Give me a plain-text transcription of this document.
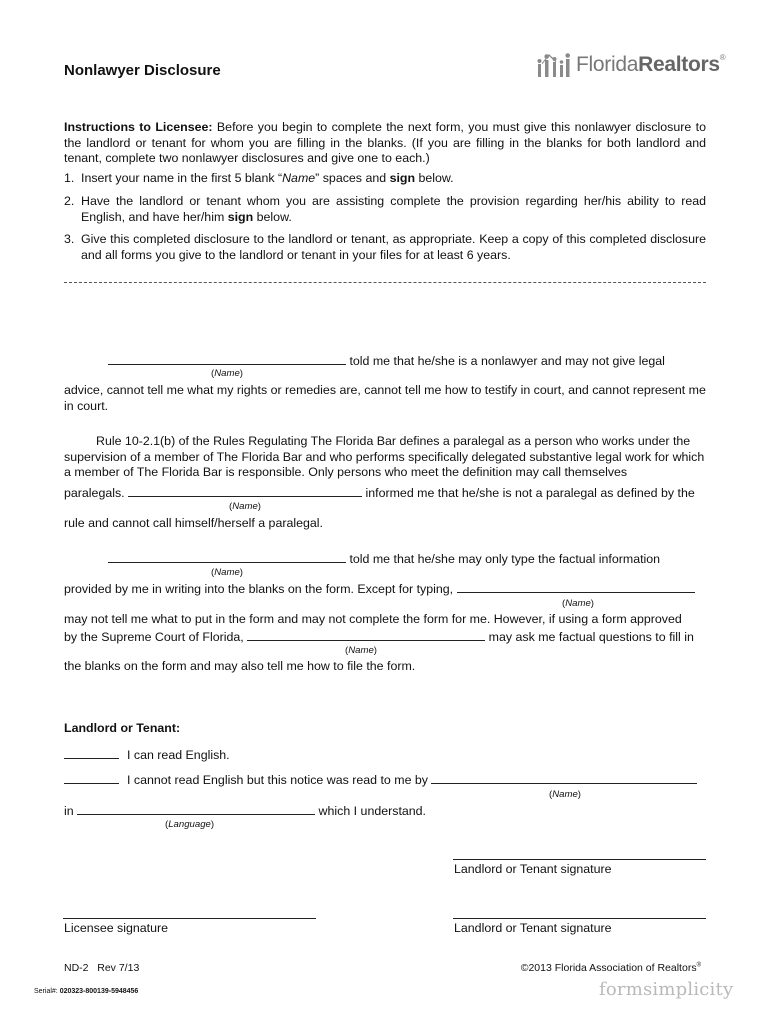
Nonlawyer Disclosure	FloridaRealtors®
Instructions to Licensee: Before you begin to complete the next form, you must give this nonlawyer disclosure to the landlord or tenant for whom you are filling in the blanks. (If you are filling in the blanks for both landlord and tenant, complete two nonlawyer disclosures and give one to each.)
1. Insert your name in the first 5 blank “Name” spaces and sign below.
2. Have the landlord or tenant whom you are assisting complete the provision regarding her/his ability to read English, and have her/him sign below.
3. Give this completed disclosure to the landlord or tenant, as appropriate. Keep a copy of this completed disclosure and all forms you give to the landlord or tenant in your files for at least 6 years.
told me that he/she is a nonlawyer and may not give legal
(Name)
advice, cannot tell me what my rights or remedies are, cannot tell me how to testify in court, and cannot represent me in court.
Rule 10-2.1(b) of the Rules Regulating The Florida Bar defines a paralegal as a person who works under the supervision of a member of The Florida Bar and who performs specifically delegated substantive legal work for which a member of The Florida Bar is responsible. Only persons who meet the definition may call themselves
paralegals.	informed me that he/she is not a paralegal as defined by the
(Name)
rule and cannot call himself/herself a paralegal.
told me that he/she may only type the factual information
(Name)
provided by me in writing into the blanks on the form. Except for typing,
(Name)
may not tell me what to put in the form and may not complete the form for me. However, if using a form approved
by the Supreme Court of Florida,	may ask me factual questions to fill in
(Name)
the blanks on the form and may also tell me how to file the form.
Landlord or Tenant:
I can read English.
I cannot read English but this notice was read to me by
(Name)
in	which I understand.
(Language)
Landlord or Tenant signature
Licensee signature	Landlord or Tenant signature
ND-2   Rev 7/13	©2013 Florida Association of Realtors®
Serial#: 020323-800139-5948456	formsimplicity
